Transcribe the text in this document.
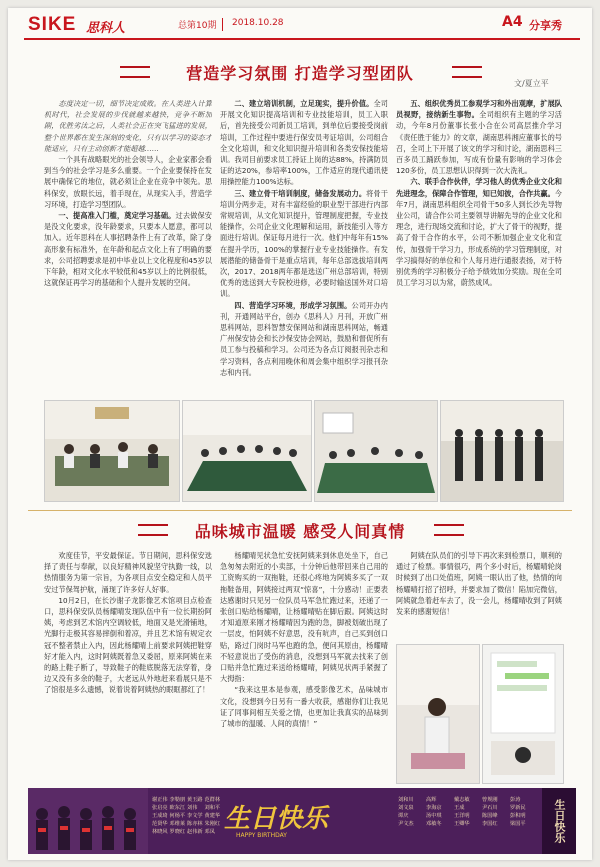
SIKE 思科人	总第10期	2018.10.28	A4 分享秀
营造学习氛围 打造学习型团队
文/夏立平

态度决定一切，细节决定成败。在人类进入计算机时代，社会发展的步伐就越来越快，竞争不断加剧，优胜劣汰之后，人类社会正在突飞猛进的发展，整个世界都在发生深刻的变化，只有以学习的姿态才能适应，只有主动创新才能超越……

一个具有战略眼光的社会领导人，企业家都会看到当今的社会学习是多么重要。一个企业要保持在发展中确保它的地位，就必须让企业在竞争中领先。思科保安，放眼长远，着手现在，从现实入手，营造学习环境，打造学习型团队。

一、提高准入门槛，奠定学习基础。过去做保安是没文化要求，没年龄要求，只要本人愿意，都可以加入。近年思科在人事招聘条件上有了改革，除了身高形象有标准外，在年龄和起点文化上有了明确的要求，公司招聘要求是初中毕业以上文化程度和45岁以下年龄，相对文化水平较低和45岁以上的比例很低，这就保证再学习的基础和个人提升发展的空间。

二、建立培训机制，立足现实，提升价值。全司开展文化知识提高培训和专业技能培训，员工入职后，首先接受公司新员工培训，到单位后要接受岗前培训，工作过程中要进行保安员考证培训，公司组合全文化培训，和文化知识提升培训和各类安保技能培训。我司目前要求员工持证上岗的达88%，持满防员证的达20%，参培率100%，工作适应的现代通讯使用操控能力100%达标。

三、建立骨干培训制度，储备发展动力。将骨干培训分两步走，对有丰富经验的职业型干部进行内部常规培训，从文化知识提升，管理制度把握，专业技能操作，公司企业文化理解和运用，新技能引入等方面进行培训。保证每月进行一次。他们中每年有15%在提升学历，100%的掌握行业专业技能操作。有发展潜能的储备骨干是重点培训，每年总部选拔培训两次，2017、2018两年都是选送广州总部培训，特别优秀的选送到大专院校进修，必要时输送国外对口培训。

四、营造学习环境，形成学习氛围。公司开办内刊，开通网站平台，创办《思科人》月刊，开放广州思科网站，思科智慧安保网站和湖南思科网站，畅通广州保安协会和长沙保安协会网站，鼓励和督促所有员工参与投稿和学习。公司还为各点订阅报刊杂志和学习资料，各点利用晚休和周会集中组织学习报刊杂志和内刊。

五、组织优秀员工参观学习和外出观摩，扩展队员视野，接纳新生事物。全司组织有主题的学习活动，今年8月份董事长张小合在公司高层推介学习《责任胜于能力》的文章，湖南思科湘应董事长的号召，全司上下开展了该文的学习和讨论，湖南思科三百多员工踊跃参加，写成有份量有影响的学习体会120多份，员工思想认识得到一次大洗礼。

六、联手合作伙伴，学习他人的优秀企业文化和先进理念，保障合作管理，知已知彼，合作共赢。今年7月，湖南思科组织全司骨干50多人到长沙先导物业公司，请合作公司主要领导讲解先导的企业文化和理念，进行现场交流和讨论，扩大了骨干的视野，提高了骨干合作的水平，公司不断加强企业文化和宣传，加强骨干学习力，形成系统的学习管理制度，对学习搞得好的单位和个人每月进行通报表扬，对于特别优秀的学习积极分子给予绩效加分奖励。现在全司员工学习习以为常，蔚然成风。

品味城市温暖 感受人间真情

欢度佳节，平安最保证。节日期间，思科保安选择了责任与奉献，以良好精神风貌坚守执勤一线，以热情服务为第一宗旨，为各项目点安全稳定和人员平安过节保驾护航，涌现了许多好人好事。

10月2日，在长沙谢子龙影像艺术馆项目点检查口，思科保安队员杨耀晴发现队伍中有一位长期扮阿姨，考虑到艺术馆内空调较低，地面又是光滑铺地，光脚行走极其容易摔倒和着凉，并且艺术馆有规定衣冠不整者禁止入内，因此杨耀晴上前要求阿姨把鞋穿好才能入内，这时阿姨既着急又委屈，原来阿姨在来的路上鞋子断了，导致鞋子的鞋底脱落无法穿着，身边又没有多余的鞋子，大老远从外地赶来看展只是不了馆很是多么遗憾，说着说着阿姨热的眼眶都红了！

杨耀晴见状急忙安抚阿姨来到休息处坐下，自己急匆匆去附近的小卖部，十分钟后他带回来自己用的工资购买的一双拖鞋，还很心疼地为阿姨多买了一双拖鞋备用，阿姨接过两双“惊喜”，十分感动！正要表达感谢时只见另一位队员马军急忙跑过来，还递了一张创口贴给杨耀晴，让杨耀晴贴在脚后跟。阿姨这时才知道原来刚才杨耀晴因为跑的急，脚被划破出现了一层皮，怕阿姨不好意思，没有吭声，自己买到创口贴，路过门岗时马军也跑的急，便问其原由，杨耀晴不轻意说出了受伤的消息，没想到马军就去找来了创口贴并急忙跑过来送给杨耀晴，阿姨见状两手紧握了大拇指：

“我来这里本是参观，感受影像艺术，品味城市文化，没想到今日另有一番大收获，感谢你们让我见证了同事间相互关爱之情，也更加让我真实的品味到了城市的温暖、人间的真情！”

阿姨在队员们的引导下再次来到检票口，顺利的通过了检票。事情很巧，两个多小时后，杨耀晴轮岗时候到了出口处值班，阿姨一眼认出了他，热情的向杨耀晴打招了招呼，并要求加了微信！陷加完微信，阿姨就急着赶车去了，没一会儿，杨耀晴收到了阿姨发来的感谢短信！

谢正伟 李勒朋 黄玉路 范群林张启亮 欧东江 刘伟 刘和平王成琦 何杨平 李文学 黄建华范贤华 邓维莱 陈亦林 朱刚红林晓风 罗晓红 赵伟新 邓凤 生日快乐
HAPPY BIRTHDAY
刘和川 高辉	戴志敏 曾规刚 彭涛刘文泉 李海京 王成	尹石川 罗新民谭庆	汤中琪 王洋明 陈国峰 彭积明尹文杰 邓敏冬 王卿华 李国红 梁国平	生日快乐
